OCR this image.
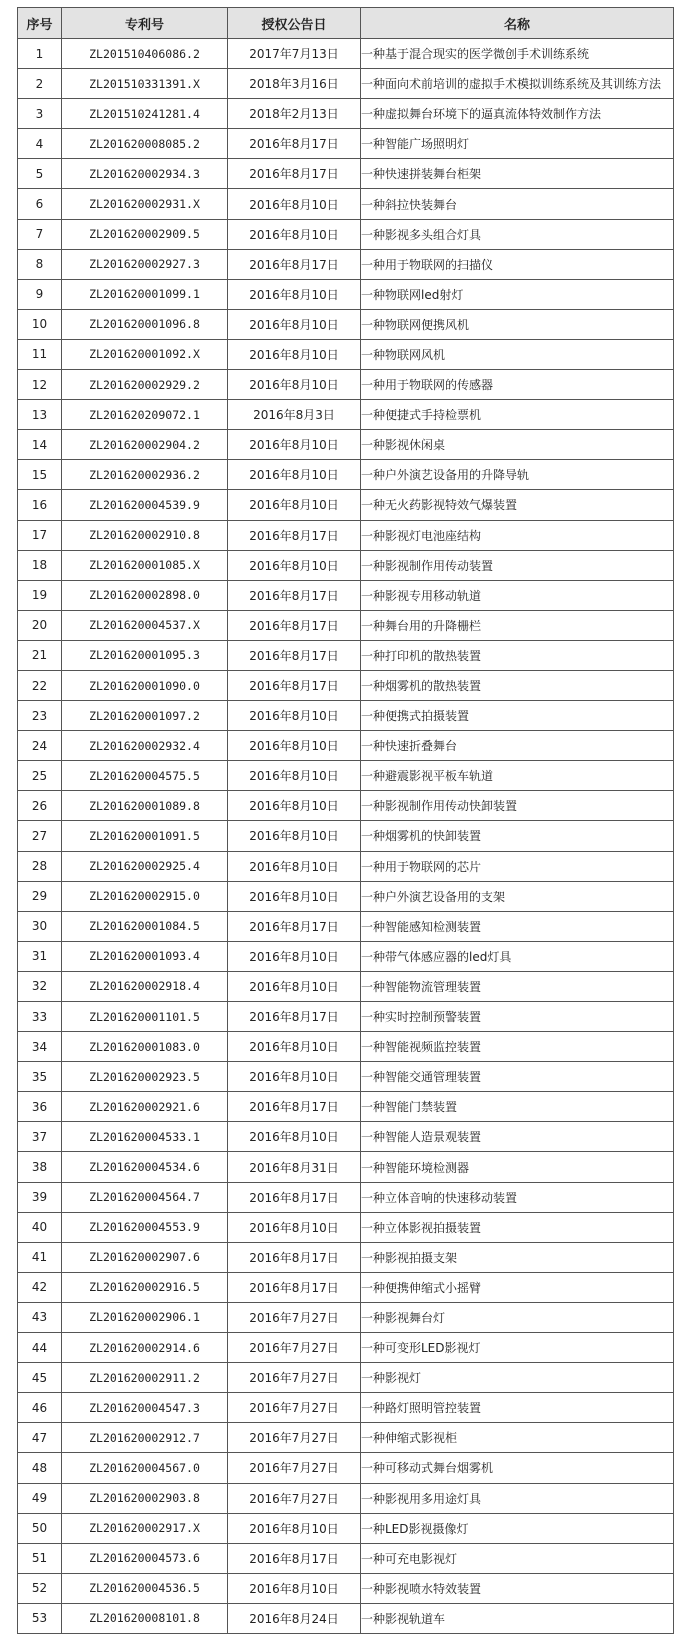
序号	专利号	授权公告日	名称
1	ZL201510406086.2	2017年7月13日	一种基于混合现实的医学微创手术训练系统
2	ZL201510331391.X	2018年3月16日	一种面向术前培训的虚拟手术模拟训练系统及其训练方法
3	ZL201510241281.4	2018年2月13日	一种虚拟舞台环境下的逼真流体特效制作方法
4	ZL201620008085.2	2016年8月17日	一种智能广场照明灯
5	ZL201620002934.3	2016年8月17日	一种快速拼装舞台柜架
6	ZL201620002931.X	2016年8月10日	一种斜拉快装舞台
7	ZL201620002909.5	2016年8月10日	一种影视多头组合灯具
8	ZL201620002927.3	2016年8月17日	一种用于物联网的扫描仪
9	ZL201620001099.1	2016年8月10日	一种物联网led射灯
10	ZL201620001096.8	2016年8月10日	一种物联网便携风机
11	ZL201620001092.X	2016年8月10日	一种物联网风机
12	ZL201620002929.2	2016年8月10日	一种用于物联网的传感器
13	ZL201620209072.1	2016年8月3日	一种便捷式手持检票机
14	ZL201620002904.2	2016年8月10日	一种影视休闲桌
15	ZL201620002936.2	2016年8月10日	一种户外演艺设备用的升降导轨
16	ZL201620004539.9	2016年8月10日	一种无火药影视特效气爆装置
17	ZL201620002910.8	2016年8月17日	一种影视灯电池座结构
18	ZL201620001085.X	2016年8月10日	一种影视制作用传动装置
19	ZL201620002898.0	2016年8月17日	一种影视专用移动轨道
20	ZL201620004537.X	2016年8月17日	一种舞台用的升降栅栏
21	ZL201620001095.3	2016年8月17日	一种打印机的散热装置
22	ZL201620001090.0	2016年8月17日	一种烟雾机的散热装置
23	ZL201620001097.2	2016年8月10日	一种便携式拍摄装置
24	ZL201620002932.4	2016年8月10日	一种快速折叠舞台
25	ZL201620004575.5	2016年8月10日	一种避震影视平板车轨道
26	ZL201620001089.8	2016年8月10日	一种影视制作用传动快卸装置
27	ZL201620001091.5	2016年8月10日	一种烟雾机的快卸装置
28	ZL201620002925.4	2016年8月10日	一种用于物联网的芯片
29	ZL201620002915.0	2016年8月10日	一种户外演艺设备用的支架
30	ZL201620001084.5	2016年8月17日	一种智能感知检测装置
31	ZL201620001093.4	2016年8月10日	一种带气体感应器的led灯具
32	ZL201620002918.4	2016年8月10日	一种智能物流管理装置
33	ZL201620001101.5	2016年8月17日	一种实时控制预警装置
34	ZL201620001083.0	2016年8月10日	一种智能视频监控装置
35	ZL201620002923.5	2016年8月10日	一种智能交通管理装置
36	ZL201620002921.6	2016年8月17日	一种智能门禁装置
37	ZL201620004533.1	2016年8月10日	一种智能人造景观装置
38	ZL201620004534.6	2016年8月31日	一种智能环境检测器
39	ZL201620004564.7	2016年8月17日	一种立体音响的快速移动装置
40	ZL201620004553.9	2016年8月10日	一种立体影视拍摄装置
41	ZL201620002907.6	2016年8月17日	一种影视拍摄支架
42	ZL201620002916.5	2016年8月17日	一种便携伸缩式小摇臂
43	ZL201620002906.1	2016年7月27日	一种影视舞台灯
44	ZL201620002914.6	2016年7月27日	一种可变形LED影视灯
45	ZL201620002911.2	2016年7月27日	一种影视灯
46	ZL201620004547.3	2016年7月27日	一种路灯照明管控装置
47	ZL201620002912.7	2016年7月27日	一种伸缩式影视柜
48	ZL201620004567.0	2016年7月27日	一种可移动式舞台烟雾机
49	ZL201620002903.8	2016年7月27日	一种影视用多用途灯具
50	ZL201620002917.X	2016年8月10日	一种LED影视摄像灯
51	ZL201620004573.6	2016年8月17日	一种可充电影视灯
52	ZL201620004536.5	2016年8月10日	一种影视喷水特效装置
53	ZL201620008101.8	2016年8月24日	一种影视轨道车
